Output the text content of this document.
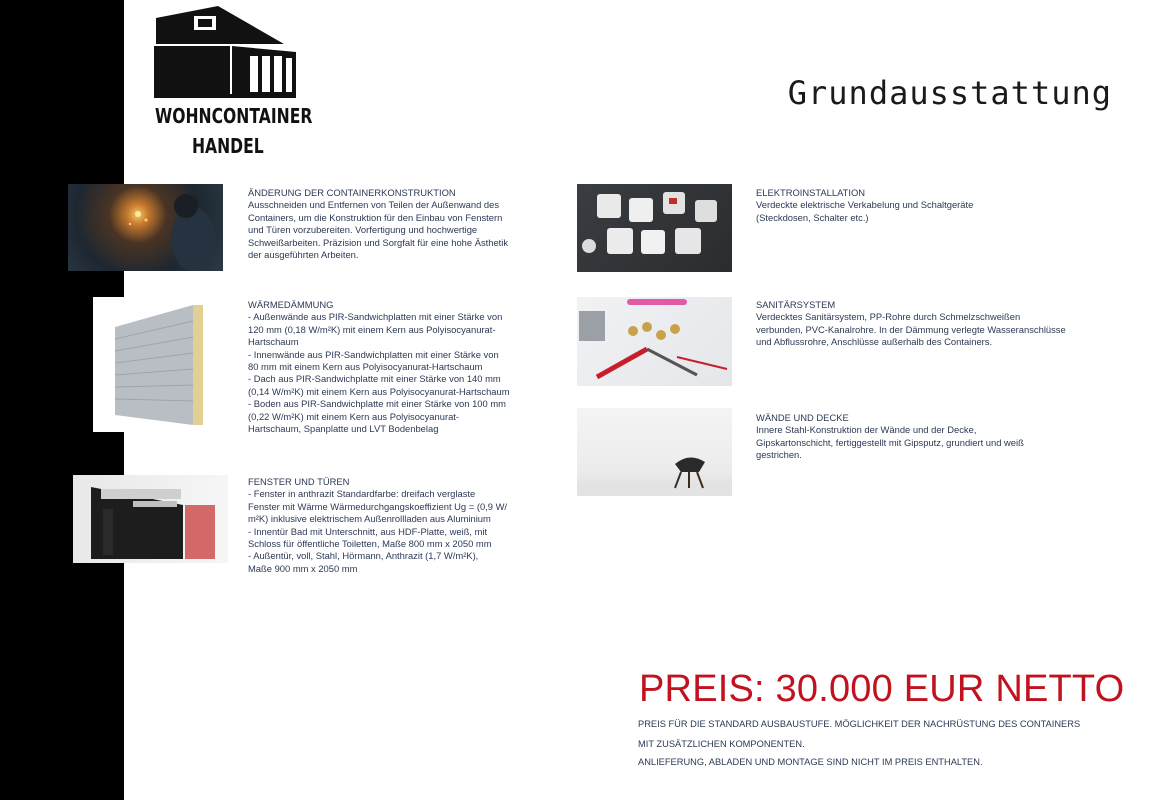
WOHNCONTAINER
HANDEL
Grundausstattung
ÄNDERUNG DER CONTAINERKONSTRUKTION
Ausschneiden und Entfernen von Teilen der Außenwand des
Containers, um die Konstruktion für den Einbau von Fenstern
und Türen vorzubereiten. Vorfertigung und hochwertige
Schweißarbeiten. Präzision und Sorgfalt für eine hohe Ästhetik
der ausgeführten Arbeiten.
WÄRMEDÄMMUNG
- Außenwände aus PIR-Sandwichplatten mit einer Stärke von
120 mm (0,18 W/m²K) mit einem Kern aus Polyisocyanurat-
Hartschaum
- Innenwände aus PIR-Sandwichplatten mit einer Stärke von
80 mm mit einem Kern aus Polyisocyanurat-Hartschaum
- Dach aus PIR-Sandwichplatte mit einer Stärke von 140 mm
(0,14 W/m²K) mit einem Kern aus Polyisocyanurat-Hartschaum
- Boden aus PIR-Sandwichplatte mit einer Stärke von 100 mm
(0,22 W/m²K) mit einem Kern aus Polyisocyanurat-
Hartschaum, Spanplatte und LVT Bodenbelag
FENSTER UND TÜREN
- Fenster in anthrazit Standardfarbe: dreifach verglaste
Fenster mit Wärme Wärmedurchgangskoeffizient Ug = (0,9 W/
m²K) inklusive elektrischem Außenrollladen aus Aluminium
- Innentür Bad mit Unterschnitt, aus HDF-Platte, weiß, mit
Schloss für öffentliche Toiletten, Maße 800 mm x 2050 mm
- Außentür, voll, Stahl, Hörmann, Anthrazit (1,7 W/m²K),
Maße 900 mm x 2050 mm
ELEKTROINSTALLATION
Verdeckte elektrische Verkabelung und Schaltgeräte
(Steckdosen, Schalter etc.)
SANITÄRSYSTEM
Verdecktes Sanitärsystem, PP-Rohre durch Schmelzschweißen
verbunden, PVC-Kanalrohre. In der Dämmung verlegte Wasseranschlüsse
und Abflussrohre, Anschlüsse außerhalb des Containers.
WÄNDE UND DECKE
Innere Stahl-Konstruktion der Wände und der Decke,
Gipskartonschicht, fertiggestellt mit Gipsputz, grundiert und weiß
gestrichen.
PREIS: 30.000 EUR NETTO
PREIS FÜR DIE STANDARD AUSBAUSTUFE. MÖGLICHKEIT DER NACHRÜSTUNG DES CONTAINERS
MIT ZUSÄTZLICHEN KOMPONENTEN.
ANLIEFERUNG, ABLADEN UND MONTAGE SIND NICHT IM PREIS ENTHALTEN.
